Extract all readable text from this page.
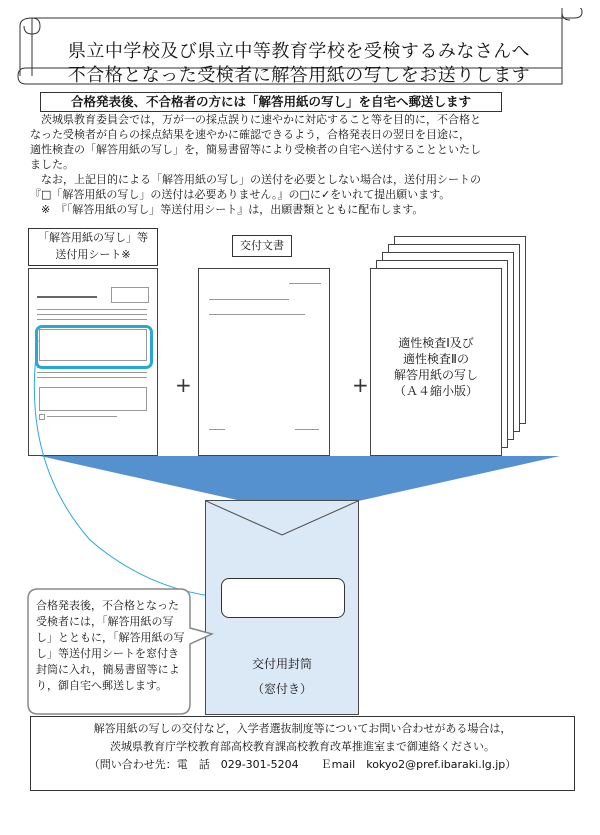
県立中学校及び県立中等教育学校を受検するみなさんへ
不合格となった受検者に解答用紙の写しをお送りします
合格発表後、不合格者の方には「解答用紙の写し」を自宅へ郵送します

　茨城県教育委員会では，万が一の採点誤りに速やかに対応すること等を目的に，不合格と

なった受検者が自らの採点結果を速やかに確認できるよう，合格発表日の翌日を目途に，

適性検査の「解答用紙の写し」を，簡易書留等により受検者の自宅へ送付することといたし

ました。

　なお，上記目的による「解答用紙の写し」の送付を必要としない場合は，送付用シートの

『□「解答用紙の写し」の送付は必要ありません。』の□に✓をいれて提出願います。

　※　『「解答用紙の写し」等送付用シート』は，出願書類とともに配布します。

「解答用紙の写し」等
送付用シート※
交付文書
+	+
適性検査Ⅰ及び
適性検査Ⅱの
解答用紙の写し
（Ａ４縮小版）
交付用封筒
（窓付き）
合格発表後，不合格となった受検者には，「解答用紙の写し」とともに，「解答用紙の写し」等送付用シートを窓付き封筒に入れ，簡易書留等により，御自宅へ郵送します。
解答用紙の写しの交付など，入学者選抜制度等についてお問い合わせがある場合は，
茨城県教育庁学校教育部高校教育課高校教育改革推進室まで御連絡ください。
（問い合わせ先：電　話　029-301-5204　　Ｅmail　kokyo2@pref.ibaraki.lg.jp）
